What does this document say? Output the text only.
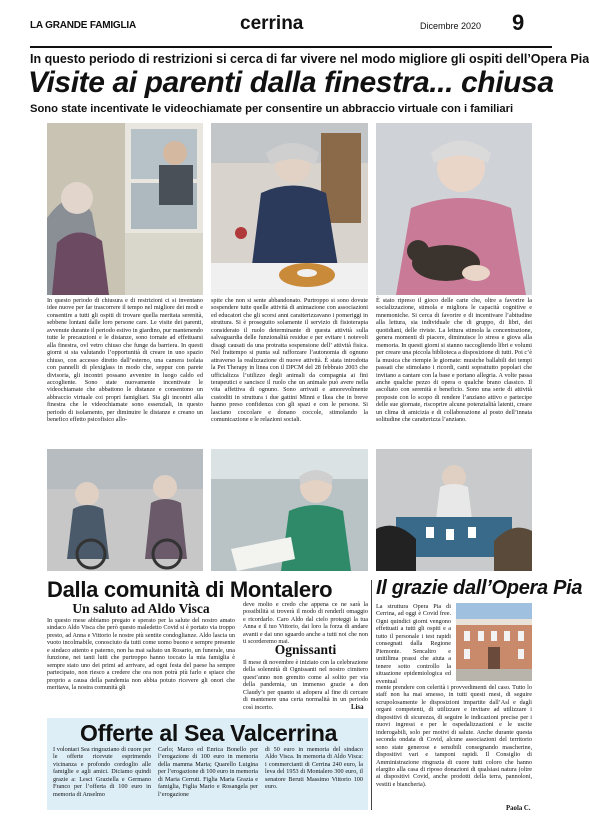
LA GRANDE FAMIGLIA	cerrina	Dicembre 2020 9
In questo periodo di restrizioni si cerca di far vivere nel modo migliore gli ospiti dell’Opera Pia
Visite ai parenti dalla finestra... chiusa
Sono state incentivate le videochiamate per consentire un abbraccio virtuale con i familiari

In questo periodo di chiusura e di restrizioni ci si inventano idee nuove per far trascorrere il tempo nel migliore dei modi e consentire a tutti gli ospiti di trovare quella meritata serenità, sebbene lontani dalle loro persone care. Le visite dei parenti, avvenute durante il periodo estivo in giardino, pur mantenendo tutte le precauzioni e le distanze, sono tornate ad effettuarsi alla finestra, ovl vetro chiuso che funge da barriera. In questi giorni si sta valutando l’opportunità di creare in uno spazio chiuso, con accesso diretto dall’esterno, una camera isolata con pannelli di plexiglass in modo che, seppur con parete divisoria, gli incontri possano avvenire in luogo caldo ed accogliente. Sono state nuovamente incentivate le videochiamate che abbattono le distanze e consentono un abbraccio virtuale coi propri famigliari. Sia gli incontri alla finestra che le videochiamate sono essenziali, in questo periodo di isolamento, per diminuire le distanze e creano un benefico effetto psicofisico allo-

spite che non si sente abbandonato. Purtroppo si sono dovute sospendere tutte quelle attività di animazione con associazioni ed educatori che gli scorsi anni caratterizzavano i pomeriggi in struttura. Si è proseguito solamente il servizio di fisioterapia considerato il ruolo determinante di questa attività sulla salvaguardia delle funzionalità residue e per evitare i notevoli disagi causati da una protratta sospensione dell’ attività fisica. Nel frattempo si punta sul rafforzare l’autonomia di ognuno attraverso la realizzazione di nuove attività. È stata introdotta la Pet Therapy in linea con il DPCM del 28 febbraio 2003 che ufficializza l’utilizzo degli animali da compagnia ai fini terapeutici e sancisce il ruolo che un animale può avere nella vita affettiva di ognuno. Sono arrivati e amorevolmente custoditi in struttura i due gattini Minni e Ikea che in breve hanno preso confidenza con gli spazi e con le persone. Si lasciano coccolare e donano coccole, stimolando la comunicazione e le relazioni sociali.

È stato ripreso il gioco delle carte che, oltre a favorire la socializzazione, stimola e migliora le capacità cognitive e mnemoniche. Si cerca di favorire e di incentivare l’abitudine alla lettura, sia individuale che di gruppo, di libri, dei quotidiani, delle riviste. La lettura stimola la concentrazione, genera momenti di piacere, diminuisce lo stress e giova alla memoria. In questi giorni si stanno raccogliendo libri e volumi per creare una piccola biblioteca a disposizione di tutti. Poi c’è la musica che riempie le giornate: musiche ballabili dei tempi passati che stimolano i ricordi, canti soprattutto popolari che invitano a cantare con la base e portano allegria. A volte passa anche qualche pezzo di opera o qualche brano classico. Il ascoltato con serenità e beneficio. Sono una serie di attività proposte con lo scopo di rendere l’anziano attivo e partecipe delle sue giornate, riscoprire alcune potenzialità latenti, creare un clima di amicizia e di collaborazione al posto dell’innata solitudine che caratterizza l’anziano.

Dalla comunità di Montalero
Un saluto ad Aldo Visca

In questo mese abbiamo pregato e sperato per la salute del nostro amato sindaco Aldo Visca che però questo maledetto Covid si è portato via troppo presto, ad Anna e Vittorio le nostre più sentite condoglianze. Aldo lascia un vuoto incolmabile, conosciuto da tutti come uomo buono e sempre presente e sindaco attento e paterno, non ha mai saltato un Rosario, un funerale, una funzione, nei tanti lutti che purtroppo hanno toccato la mia famiglia è sempre stato uno dei primi ad arrivare, ad ogni festa del paese ha sempre partecipato, non riesco a credere che ora non potrà più farlo e spiace che proprio a causa della pandemia non abbia potuto ricevere gli onori che meritava, la nostra comunità gli

deve molto e credo che appena ce ne sarà la possibilità si troverà il modo di renderli omaggio e ricordarlo. Caro Aldo dal cielo proteggi la tua Anna e il tuo Vittorio, dai loro la forza di andare avanti e dai uno sguardo anche a tutti noi che non ti scorderemo mai.

Ognissanti

Il mese di novembre è iniziato con la celebrazione della solennità di Ognissanti nel nostro cimitero quest’anno non gremito come al solito per via della pandemia, un immenso grazie a don Claudy’s per quanto si adopera al fine di cercare di mantenere una certa normalità in un periodo così incerto.	Lisa
Offerte al Sea Valcerrina

I volontari Sea ringraziano di cuore per le offerte ricevute esprimendo vicinanza e profondo cordoglio alle famiglie e agli amici. Diciamo quindi grazie a: Lesci Graziella e Germano Franco per l’offerta di 100 euro in memoria di Anselmo

Carlo; Marco ed Enrica Bonello per l’erogazione di 100 euro in memoria della mamma Maria; Quarello Luigina per l’erogazione di 100 euro in memoria di Maria Cerruti. Figlia Maria Grazia e famiglia, Figlia Mario e Rosangela per l’erogazione

di 50 euro in memoria del sindaco Aldo Visca. In memoria di Aldo Visca: i commercianti di Cerrina 240 euro, la leva del 1953 di Montalero 300 euro, il senatore Beruti Massimo Vittorio 100 euro.

Il grazie dall’Opera Pia

La struttura Opera Pia di Cerrina, ad oggi è Covid free. Ogni quindici giorni vengono effettuati a tutti gli ospiti e a tutto il personale i test rapidi consegnati dalla Regione Piemonte. Sencaltro e unitilima prassi che aiuta a tenere sotto controllo la situazione epidemiologica ed eventual

mente prendere con celerità i provvedimenti del caso. Tutto lo staff non ha mai smesso, in tutti questi mesi, di seguire scrupolosamente le disposizioni impartite dall’Asl e dagli organi competenti, di utilizzare e invitare ad utilizzare i dispositivi di sicurezza, di seguire le indicazioni precise per i nuovi ingressi e per le ospedalizzazioni e le uscite inderogabili, solo per motivi di salute. Anche durante questa seconda ondata di Covid, alcune associazioni del territorio sono state generose e sensibili consegnando mascherine, dispositivi vari e tamponi rapidi. Il Consiglio di Amministrazione ringrazia di cuore tutti coloro che hanno elargito alla casa di riposo donazioni di qualsiasi natura (oltre ai dispositivi Covid, anche prodotti della terra, pannoloni, vestiti e biancheria).

Paola C.
